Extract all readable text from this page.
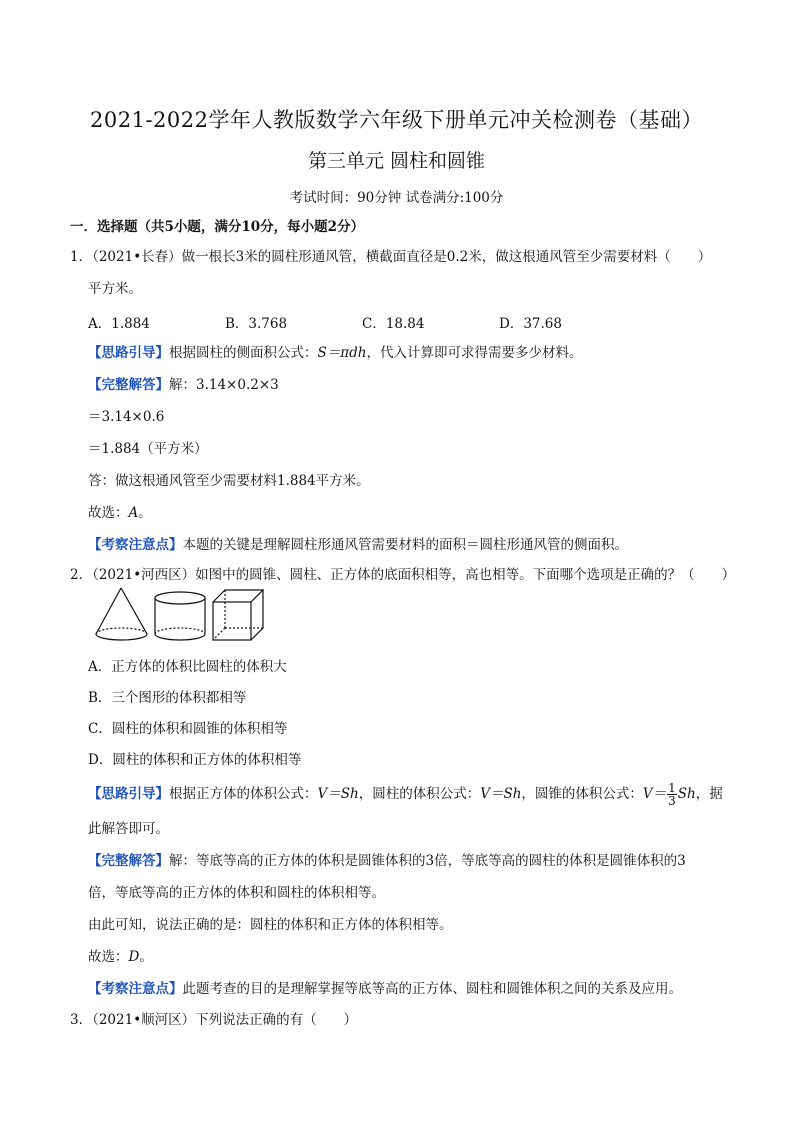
2021-2022学年人教版数学六年级下册单元冲关检测卷（基础）
第三单元 圆柱和圆锥
考试时间：90分钟 试卷满分:100分
一．选择题（共5小题，满分10分，每小题2分）
1．（2021•长春）做一根长3米的圆柱形通风管，横截面直径是0.2米，做这根通风管至少需要材料（　　）
平方米。
A．1.884	B．3.768	C．18.84	D．37.68
【思路引导】根据圆柱的侧面积公式：S＝πdh，代入计算即可求得需要多少材料。
【完整解答】解：3.14×0.2×3
＝3.14×0.6
＝1.884（平方米）
答：做这根通风管至少需要材料1.884平方米。
故选：A。
【考察注意点】本题的关键是理解圆柱形通风管需要材料的面积＝圆柱形通风管的侧面积。
2．（2021•河西区）如图中的圆锥、圆柱、正方体的底面积相等，高也相等。下面哪个选项是正确的？（　　）
A．正方体的体积比圆柱的体积大
B．三个图形的体积都相等
C．圆柱的体积和圆锥的体积相等
D．圆柱的体积和正方体的体积相等
【思路引导】根据正方体的体积公式：V＝Sh，圆柱的体积公式：V＝Sh，圆锥的体积公式：$V= \frac{1}{3}$ Sh，据
此解答即可。
【完整解答】解：等底等高的正方体的体积是圆锥体积的3倍，等底等高的圆柱的体积是圆锥体积的3
倍，等底等高的正方体的体积和圆柱的体积相等。
由此可知，说法正确的是：圆柱的体积和正方体的体积相等。
故选：D。
【考察注意点】此题考查的目的是理解掌握等底等高的正方体、圆柱和圆锥体积之间的关系及应用。
3．（2021•顺河区）下列说法正确的有（　　）
